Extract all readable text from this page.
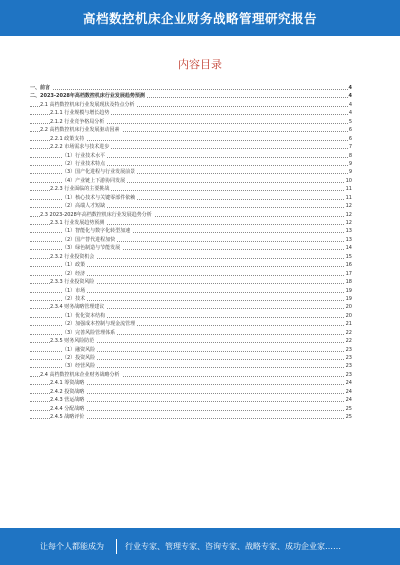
高档数控机床企业财务战略管理研究报告
内容目录
一、前言	4
二、2023-2028年高档数控机床行业发展趋势预测	4
2.1 高档数控机床行业发展现状及特点分析	4
2.1.1 行业规模与增长趋势	4
2.1.2 行业竞争格局分析	5
2.2 高档数控机床行业发展驱动因素	6
2.2.1 政策支持	6
2.2.2 市场需求与技术进步	7
（1）行业技术水平	8
（2）行业技术特点	9
（3）国产化进程与行业发展前景	9
（4）产业链上下游协同发展	10
2.2.3 行业面临的主要挑战	11
（1）核心技术与关键零部件依赖	11
（2）高端人才短缺	12
2.3 2023-2028年高档数控机床行业发展趋势分析	12
2.3.1 行业发展趋势预测	12
（1）智能化与数字化转型加速	13
（2）国产替代进程加快	13
（3）绿色制造与节能发展	14
2.3.2 行业投资机会	15
（1）政策	16
（2）经济	17
2.3.3 行业投资风险	18
（1）市场	19
（2）技术	19
2.3.4 财务战略管理建议	20
（1）优化资本结构	20
（2）加强成本控制与现金流管理	21
（3）完善风险管理体系	22
2.3.5 财务风险防范	22
（1）融资风险	23
（2）投资风险	23
（3）经营风险	23
2.4 高档数控机床企业财务战略分析	23
2.4.1 筹资战略	24
2.4.2 投资战略	24
2.4.3 营运战略	24
2.4.4 分配战略	25
2.4.5 战略评价	25
让每个人都能成为	行业专家、管理专家、咨询专家、战略专家、成功企业家……
